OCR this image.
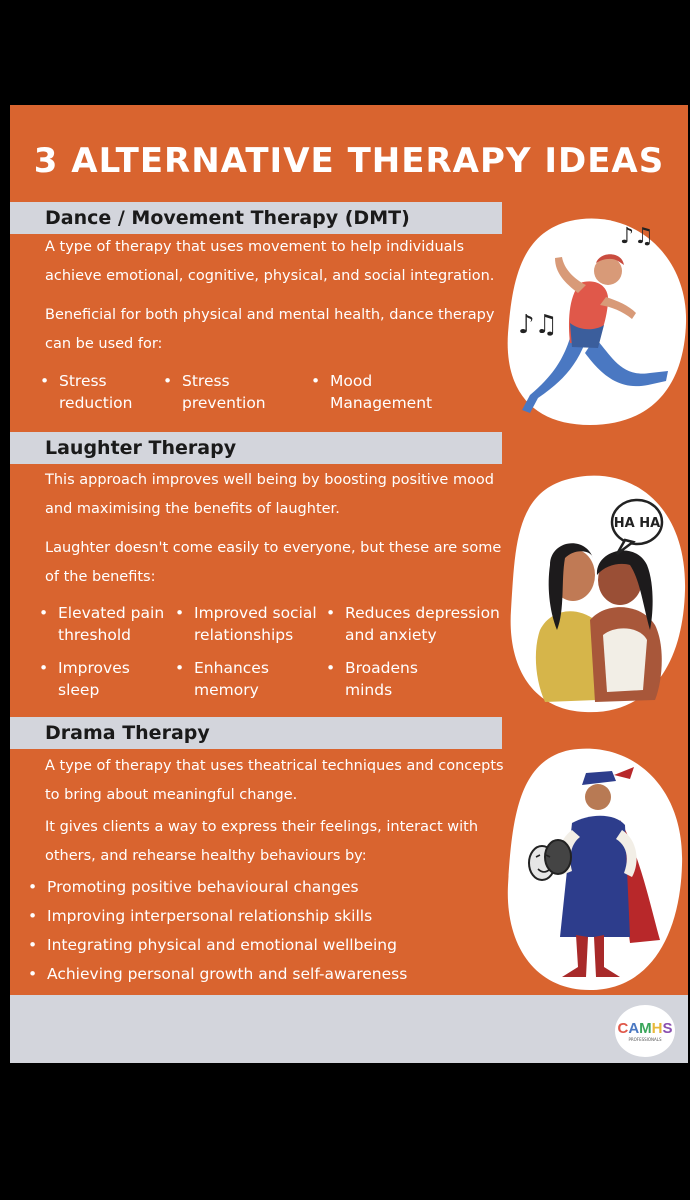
3 ALTERNATIVE THERAPY IDEAS
Dance / Movement Therapy (DMT)
A type of therapy that uses movement to help individuals achieve emotional, cognitive, physical, and social integration.
Beneficial for both physical and mental health, dance therapy can be used for:
• Stress reduction
• Stress prevention
• Mood Management
Laughter Therapy
This approach improves well being by boosting positive mood and maximising the benefits of laughter.
Laughter doesn't come easily to everyone, but these are some of the benefits:
• Elevated pain threshold
• Improved social relationships
• Reduces depression and anxiety
• Improves sleep
• Enhances memory
• Broadens minds
Drama Therapy
A type of therapy that uses theatrical techniques and concepts to bring about meaningful change.
It gives clients a way to express their feelings, interact with others, and rehearse healthy behaviours by:
• Promoting positive behavioural changes
• Improving interpersonal relationship skills
• Integrating physical and emotional wellbeing
• Achieving personal growth and self-awareness
♪♫
♪♫
HA HA
CAMHS
PROFESSIONALS
